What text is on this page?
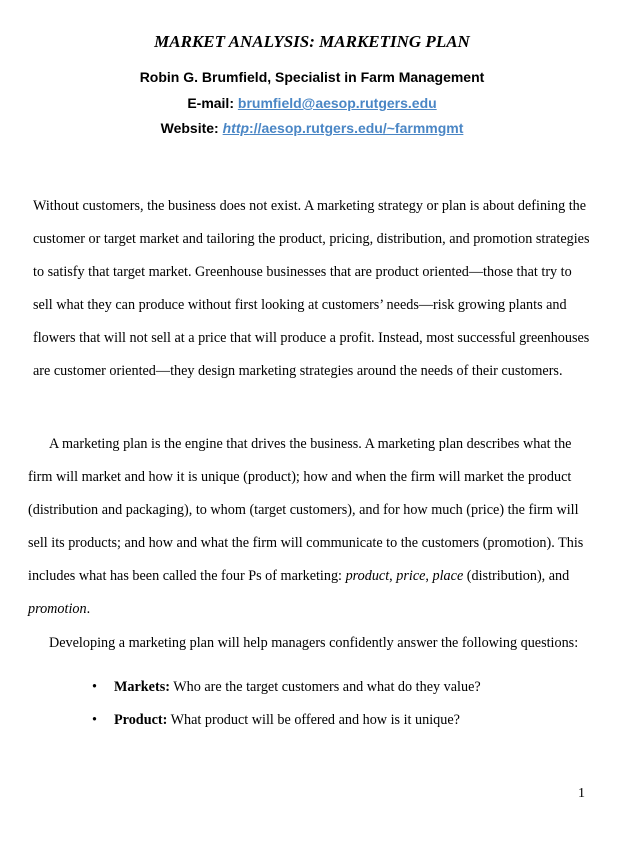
MARKET ANALYSIS: MARKETING PLAN
Robin G. Brumfield, Specialist in Farm Management
E-mail: brumfield@aesop.rutgers.edu
Website: http://aesop.rutgers.edu/~farmmgmt

Without customers, the business does not exist. A marketing strategy or plan is about defining the customer or target market and tailoring the product, pricing, distribution, and promotion strategies to satisfy that target market. Greenhouse businesses that are product oriented—those that try to sell what they can produce without first looking at customers’ needs—risk growing plants and flowers that will not sell at a price that will produce a profit. Instead, most successful greenhouses are customer oriented—they design marketing strategies around the needs of their customers.

A marketing plan is the engine that drives the business. A marketing plan describes what the firm will market and how it is unique (product); how and when the firm will market the product (distribution and packaging), to whom (target customers), and for how much (price) the firm will sell its products; and how and what the firm will communicate to the customers (promotion). This includes what has been called the four Ps of marketing: product, price, place (distribution), and promotion.

Developing a marketing plan will help managers confidently answer the following questions:

• Markets: Who are the target customers and what do they value?
• Product: What product will be offered and how is it unique?
1
